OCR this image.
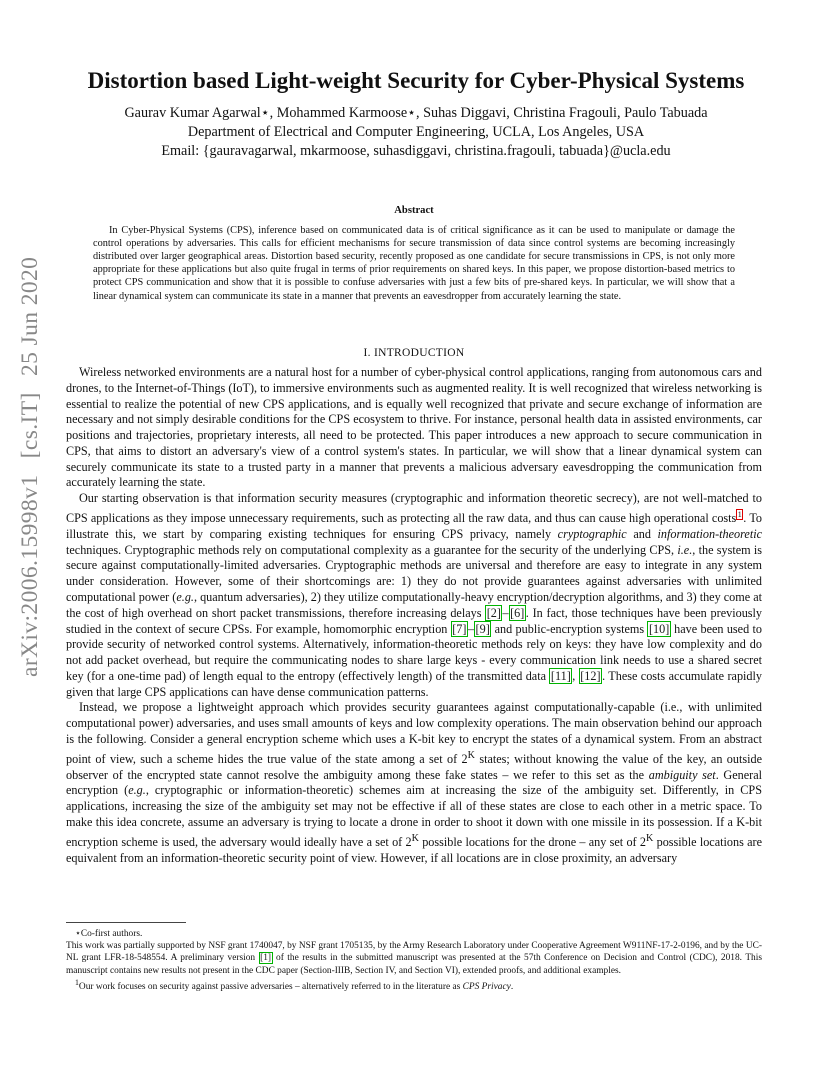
arXiv:2006.15998v1 [cs.IT] 25 Jun 2020
Distortion based Light-weight Security for Cyber-Physical Systems
Gaurav Kumar Agarwal⋆, Mohammed Karmoose⋆, Suhas Diggavi, Christina Fragouli, Paulo Tabuada
Department of Electrical and Computer Engineering, UCLA, Los Angeles, USA
Email: {gauravagarwal, mkarmoose, suhasdiggavi, christina.fragouli, tabuada}@ucla.edu
Abstract

In Cyber-Physical Systems (CPS), inference based on communicated data is of critical significance as it can be used to manipulate or damage the control operations by adversaries. This calls for efficient mechanisms for secure transmission of data since control systems are becoming increasingly distributed over larger geographical areas. Distortion based security, recently proposed as one candidate for secure transmissions in CPS, is not only more appropriate for these applications but also quite frugal in terms of prior requirements on shared keys. In this paper, we propose distortion-based metrics to protect CPS communication and show that it is possible to confuse adversaries with just a few bits of pre-shared keys. In particular, we will show that a linear dynamical system can communicate its state in a manner that prevents an eavesdropper from accurately learning the state.

I. INTRODUCTION

Wireless networked environments are a natural host for a number of cyber-physical control applications, ranging from autonomous cars and drones, to the Internet-of-Things (IoT), to immersive environments such as augmented reality. It is well recognized that wireless networking is essential to realize the potential of new CPS applications, and is equally well recognized that private and secure exchange of information are necessary and not simply desirable conditions for the CPS ecosystem to thrive. For instance, personal health data in assisted environments, car positions and trajectories, proprietary interests, all need to be protected. This paper introduces a new approach to secure communication in CPS, that aims to distort an adversary's view of a control system's states. In particular, we will show that a linear dynamical system can securely communicate its state to a trusted party in a manner that prevents a malicious adversary eavesdropping the communication from accurately learning the state.

Our starting observation is that information security measures (cryptographic and information theoretic secrecy), are not well-matched to CPS applications as they impose unnecessary requirements, such as protecting all the raw data, and thus can cause high operational costs $^1$ . To illustrate this, we start by comparing existing techniques for ensuring CPS privacy, namely cryptographic and information-theoretic techniques. Cryptographic methods rely on computational complexity as a guarantee for the security of the underlying CPS, i.e., the system is secure against computationally-limited adversaries. Cryptographic methods are universal and therefore are easy to integrate in any system under consideration. However, some of their shortcomings are: 1) they do not provide guarantees against adversaries with unlimited computational power (e.g., quantum adversaries), 2) they utilize computationally-heavy encryption/decryption algorithms, and 3) they come at the cost of high overhead on short packet transmissions, therefore increasing delays [2] – [6] . In fact, those techniques have been previously studied in the context of secure CPSs. For example, homomorphic encryption [7] – [9] and public-encryption systems [10] have been used to provide security of networked control systems. Alternatively, information-theoretic methods rely on keys: they have low complexity and do not add packet overhead, but require the communicating nodes to share large keys - every communication link needs to use a shared secret key (for a one-time pad) of length equal to the entropy (effectively length) of the transmitted data [11] , [12] . These costs accumulate rapidly given that large CPS applications can have dense communication patterns.

Instead, we propose a lightweight approach which provides security guarantees against computationally-capable (i.e., with unlimited computational power) adversaries, and uses small amounts of keys and low complexity operations. The main observation behind our approach is the following. Consider a general encryption scheme which uses a K-bit key to encrypt the states of a dynamical system. From an abstract point of view, such a scheme hides the true value of the state among a set of $2^K$ states; without knowing the value of the key, an outside observer of the encrypted state cannot resolve the ambiguity among these fake states – we refer to this set as the ambiguity set. General encryption (e.g., cryptographic or information-theoretic) schemes aim at increasing the size of the ambiguity set. Differently, in CPS applications, increasing the size of the ambiguity set may not be effective if all of these states are close to each other in a metric space. To make this idea concrete, assume an adversary is trying to locate a drone in order to shoot it down with one missile in its possession. If a K-bit encryption scheme is used, the adversary would ideally have a set of $2^K$ possible locations for the drone – any set of $2^K$ possible locations are equivalent from an information-theoretic security point of view. However, if all locations are in close proximity, an adversary

⋆Co-first authors.

This work was partially supported by NSF grant 1740047, by NSF grant 1705135, by the Army Research Laboratory under Cooperative Agreement W911NF-17-2-0196, and by the UC-NL grant LFR-18-548554. A preliminary version [1] of the results in the submitted manuscript was presented at the 57th Conference on Decision and Control (CDC), 2018. This manuscript contains new results not present in the CDC paper (Section-IIIB, Section IV, and Section VI), extended proofs, and additional examples.

$^1$Our work focuses on security against passive adversaries – alternatively referred to in the literature as CPS Privacy.
